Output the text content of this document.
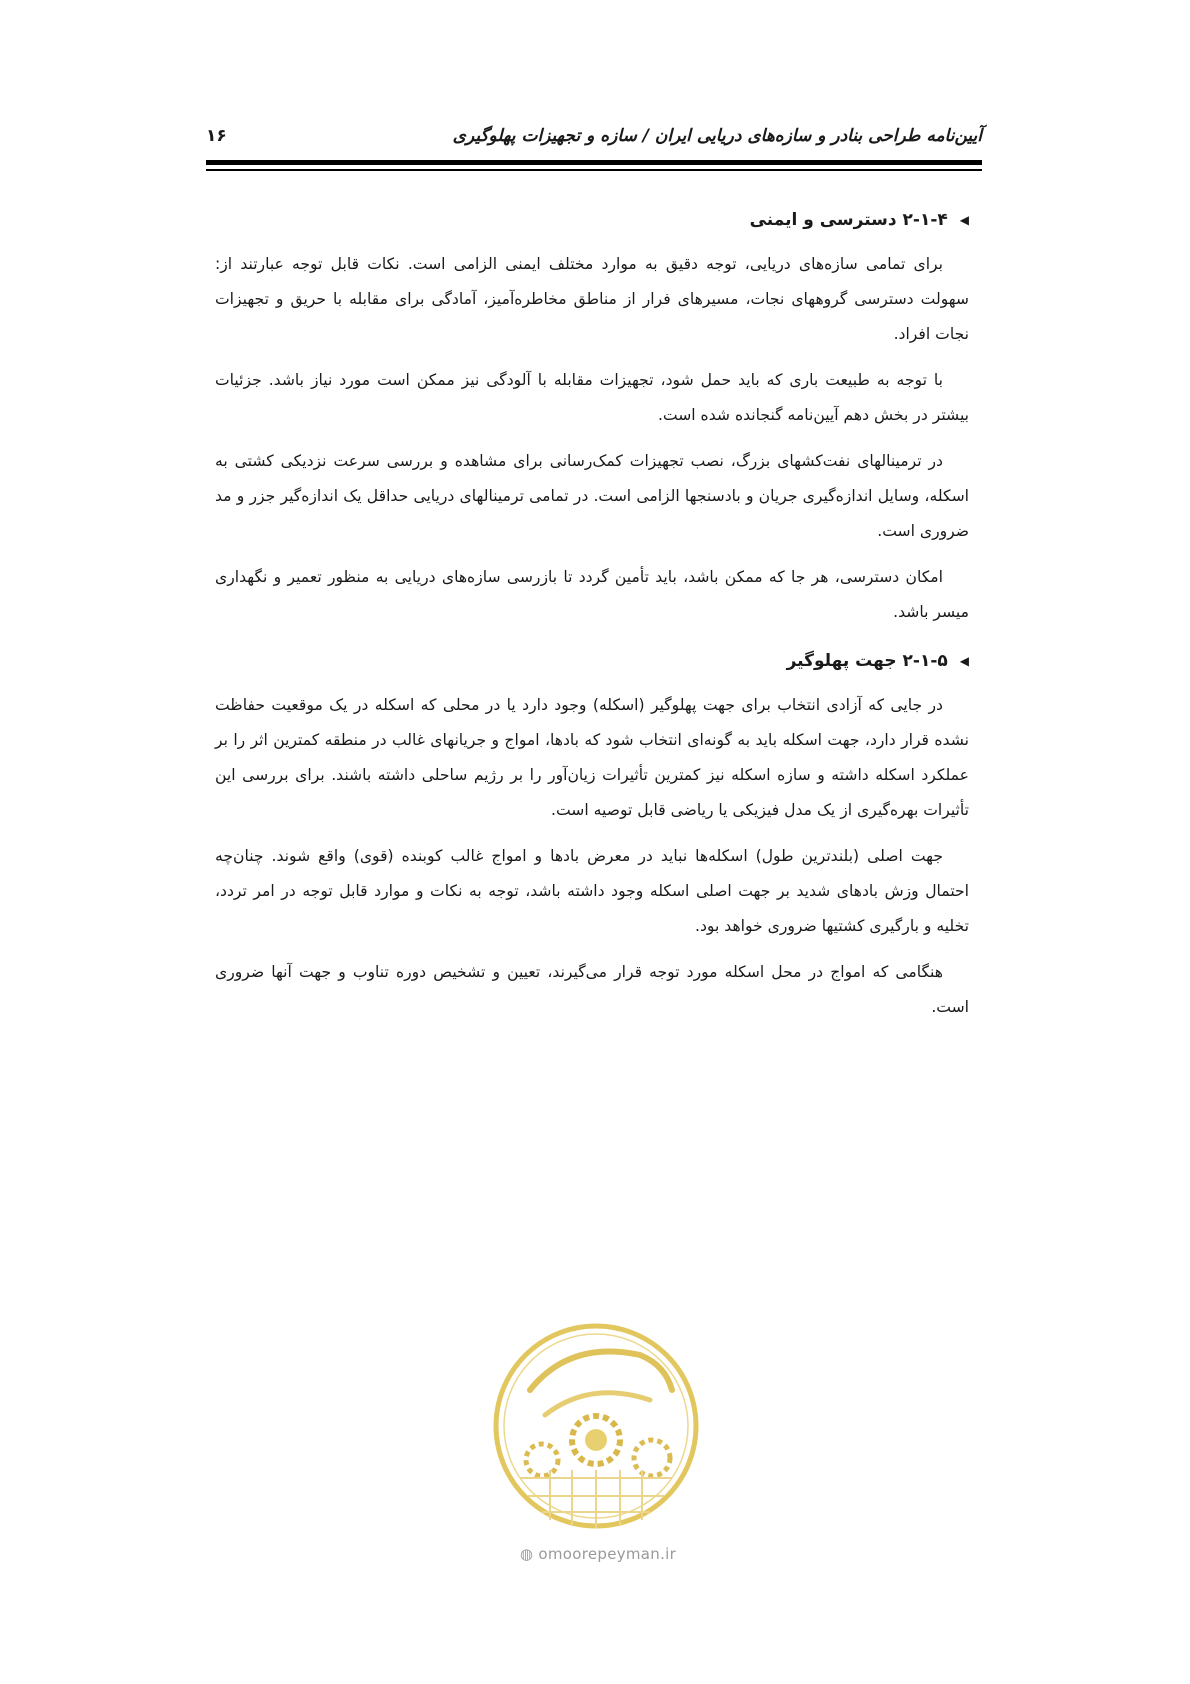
آیین‌نامه طراحی بنادر و سازه‌های دریایی ایران / سازه و تجهیزات پهلوگیری
۱۶
◀
۲-۱-۴ دسترسی و ایمنی

برای تمامی سازه‌های دریایی، توجه دقیق به موارد مختلف ایمنی الزامی است. نکات قابل توجه عبارتند از: سهولت دسترسی گروههای نجات، مسیرهای فرار از مناطق مخاطره‌آمیز، آمادگی برای مقابله با حریق و تجهیزات نجات افراد.

با توجه به طبیعت باری که باید حمل شود، تجهیزات مقابله با آلودگی نیز ممکن است مورد نیاز باشد. جزئیات بیشتر در بخش دهم آیین‌نامه گنجانده شده است.

در ترمینالهای نفت‌کشهای بزرگ، نصب تجهیزات کمک‌رسانی برای مشاهده و بررسی سرعت نزدیکی کشتی به اسکله، وسایل اندازه‌گیری جریان و بادسنجها الزامی است. در تمامی ترمینالهای دریایی حداقل یک اندازه‌گیر جزر و مد ضروری است.

امکان دسترسی، هر جا که ممکن باشد، باید تأمین گردد تا بازرسی سازه‌های دریایی به منظور تعمیر و نگهداری میسر باشد.

◀
۲-۱-۵ جهت پهلوگیر

در جایی که آزادی انتخاب برای جهت پهلوگیر (اسکله) وجود دارد یا در محلی که اسکله در یک موقعیت حفاظت نشده قرار دارد، جهت اسکله باید به گونه‌ای انتخاب شود که بادها، امواج و جریانهای غالب در منطقه کمترین اثر را بر عملکرد اسکله داشته و سازه اسکله نیز کمترین تأثیرات زیان‌آور را بر رژیم ساحلی داشته باشند. برای بررسی این تأثیرات بهره‌گیری از یک مدل فیزیکی یا ریاضی قابل توصیه است.

جهت اصلی (بلندترین طول) اسکله‌ها نباید در معرض بادها و امواج غالب کوبنده (قوی) واقع شوند. چنان‌چه احتمال وزش بادهای شدید بر جهت اصلی اسکله وجود داشته باشد، توجه به نکات و موارد قابل توجه در امر تردد، تخلیه و بارگیری کشتیها ضروری خواهد بود.

هنگامی که امواج در محل اسکله مورد توجه قرار می‌گیرند، تعیین و تشخیص دوره تناوب و جهت آنها ضروری است.

◍ omoorepeyman.ir
